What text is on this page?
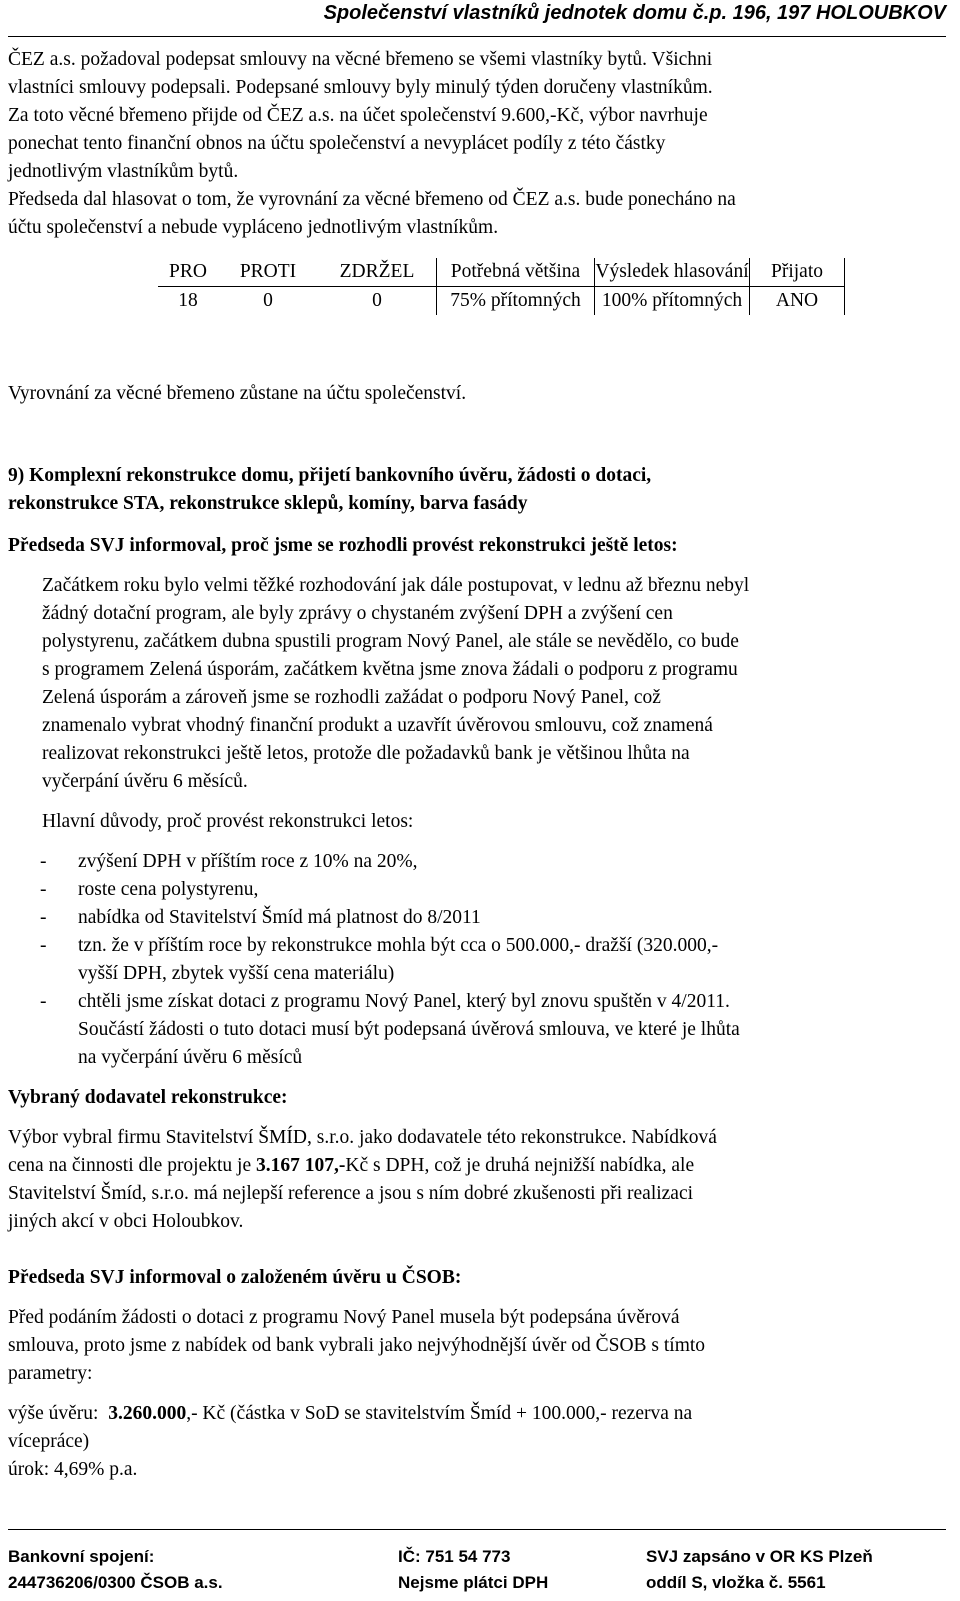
Společenství vlastníků jednotek domu č.p. 196, 197 HOLOUBKOV
ČEZ a.s. požadoval podepsat smlouvy na věcné břemeno se všemi vlastníky bytů. Všichni
vlastníci smlouvy podepsali. Podepsané smlouvy byly minulý týden doručeny vlastníkům.
Za toto věcné břemeno přijde od ČEZ a.s. na účet společenství 9.600,-Kč, výbor navrhuje
ponechat tento finanční obnos na účtu společenství a nevyplácet podíly z této částky
jednotlivým vlastníkům bytů.
Předseda dal hlasovat o tom, že vyrovnání za věcné břemeno od ČEZ a.s. bude ponecháno na
účtu společenství a nebude vypláceno jednotlivým vlastníkům.
PRO	PROTI	ZDRŽEL	Potřebná většina	Výsledek hlasování	Přijato
18	0	0	75% přítomných	100% přítomných	ANO
Vyrovnání za věcné břemeno zůstane na účtu společenství.
9) Komplexní rekonstrukce domu, přijetí bankovního úvěru, žádosti o dotaci,
rekonstrukce STA, rekonstrukce sklepů, komíny, barva fasády
Předseda SVJ informoval, proč jsme se rozhodli provést rekonstrukci ještě letos:
Začátkem roku bylo velmi těžké rozhodování jak dále postupovat, v lednu až březnu nebyl
žádný dotační program, ale byly zprávy o chystaném zvýšení DPH a zvýšení cen
polystyrenu, začátkem dubna spustili program Nový Panel, ale stále se nevědělo, co bude
s programem Zelená úsporám, začátkem května jsme znova žádali o podporu z programu
Zelená úsporám a zároveň jsme se rozhodli zažádat o podporu Nový Panel, což
znamenalo vybrat vhodný finanční produkt a uzavřít úvěrovou smlouvu, což znamená
realizovat rekonstrukci ještě letos, protože dle požadavků bank je většinou lhůta na
vyčerpání úvěru 6 měsíců.
Hlavní důvody, proč provést rekonstrukci letos:
- zvýšení DPH v příštím roce z 10% na 20%,
- roste cena polystyrenu,
- nabídka od Stavitelství Šmíd má platnost do 8/2011
- tzn. že v příštím roce by rekonstrukce mohla být cca o 500.000,- dražší (320.000,-
vyšší DPH, zbytek vyšší cena materiálu)
- chtěli jsme získat dotaci z programu Nový Panel, který byl znovu spuštěn v 4/2011.
Součástí žádosti o tuto dotaci musí být podepsaná úvěrová smlouva, ve které je lhůta
na vyčerpání úvěru 6 měsíců
Vybraný dodavatel rekonstrukce:
Výbor vybral firmu Stavitelství ŠMÍD, s.r.o. jako dodavatele této rekonstrukce. Nabídková
cena na činnosti dle projektu je 3.167 107,-Kč s DPH, což je druhá nejnižší nabídka, ale
Stavitelství Šmíd, s.r.o. má nejlepší reference a jsou s ním dobré zkušenosti při realizaci
jiných akcí v obci Holoubkov.
Předseda SVJ informoval o založeném úvěru u ČSOB:
Před podáním žádosti o dotaci z programu Nový Panel musela být podepsána úvěrová
smlouva, proto jsme z nabídek od bank vybrali jako nejvýhodnější úvěr od ČSOB s tímto
parametry:
výše úvěru:  3.260.000,- Kč (částka v SoD se stavitelstvím Šmíd + 100.000,- rezerva na
vícepráce)
úrok: 4,69% p.a.
Bankovní spojení:
244736206/0300 ČSOB a.s.
IČ: 751 54 773
Nejsme plátci DPH
SVJ zapsáno v OR KS Plzeň
oddíl S, vložka č. 5561
